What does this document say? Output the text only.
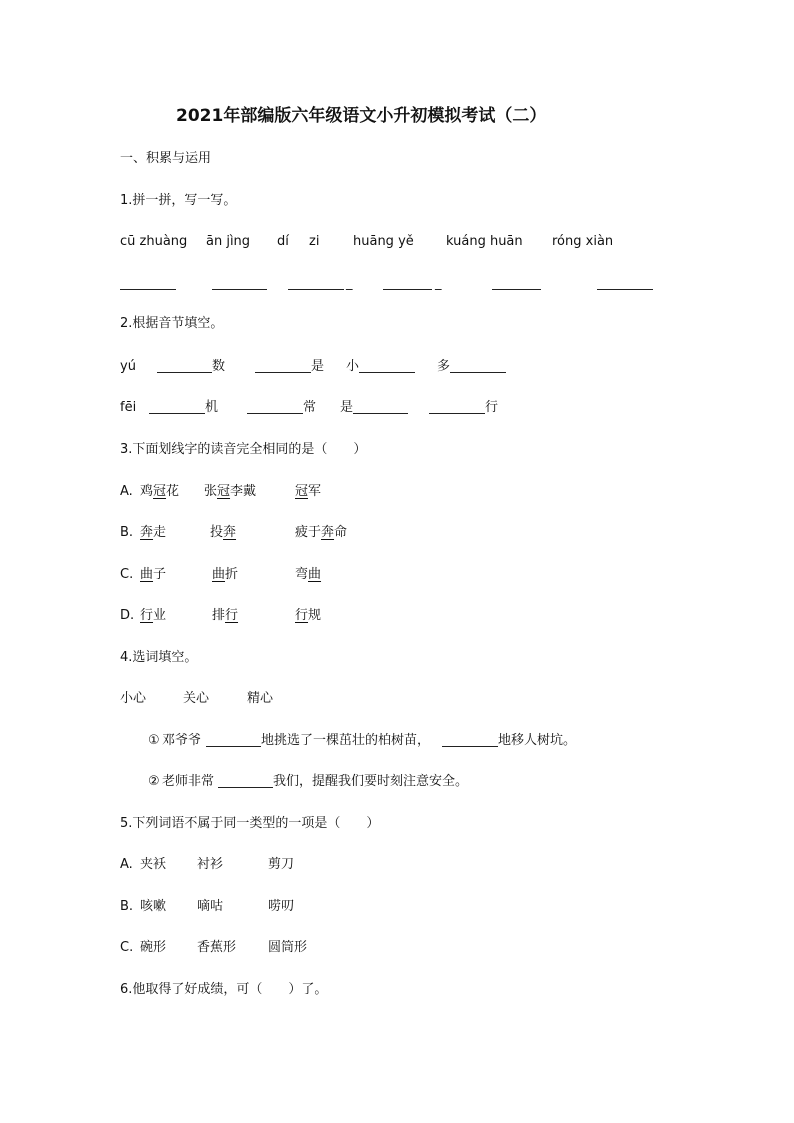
2021年部编版六年级语文小升初模拟考试（二）
一、积累与运用
1.拼一拼，写一写。
cū zhuàng ān jìng dí zi	huāng yě kuáng huān róng xiàn
_	_
2.根据音节填空。
yú	数	是 小	多
fēi	机	常 是	行
3.下面划线字的读音完全相同的是（　　）
A. 鸡冠花 张冠李戴	冠军
B. 奔走	投奔	疲于奔命
C. 曲子	曲折	弯曲
D. 行业	排行	行规
4.选词填空。
小心	关心	精心
① 邓爷爷	地挑选了一棵茁壮的柏树苗，	地移人树坑。
② 老师非常	我们，提醒我们要时刻注意安全。
5.下列词语不属于同一类型的一项是（　　）
A. 夹袄 衬衫	剪刀
B. 咳嗽 嘀咕	唠叨
C. 碗形 香蕉形 圆筒形
6.他取得了好成绩，可（　　）了。
